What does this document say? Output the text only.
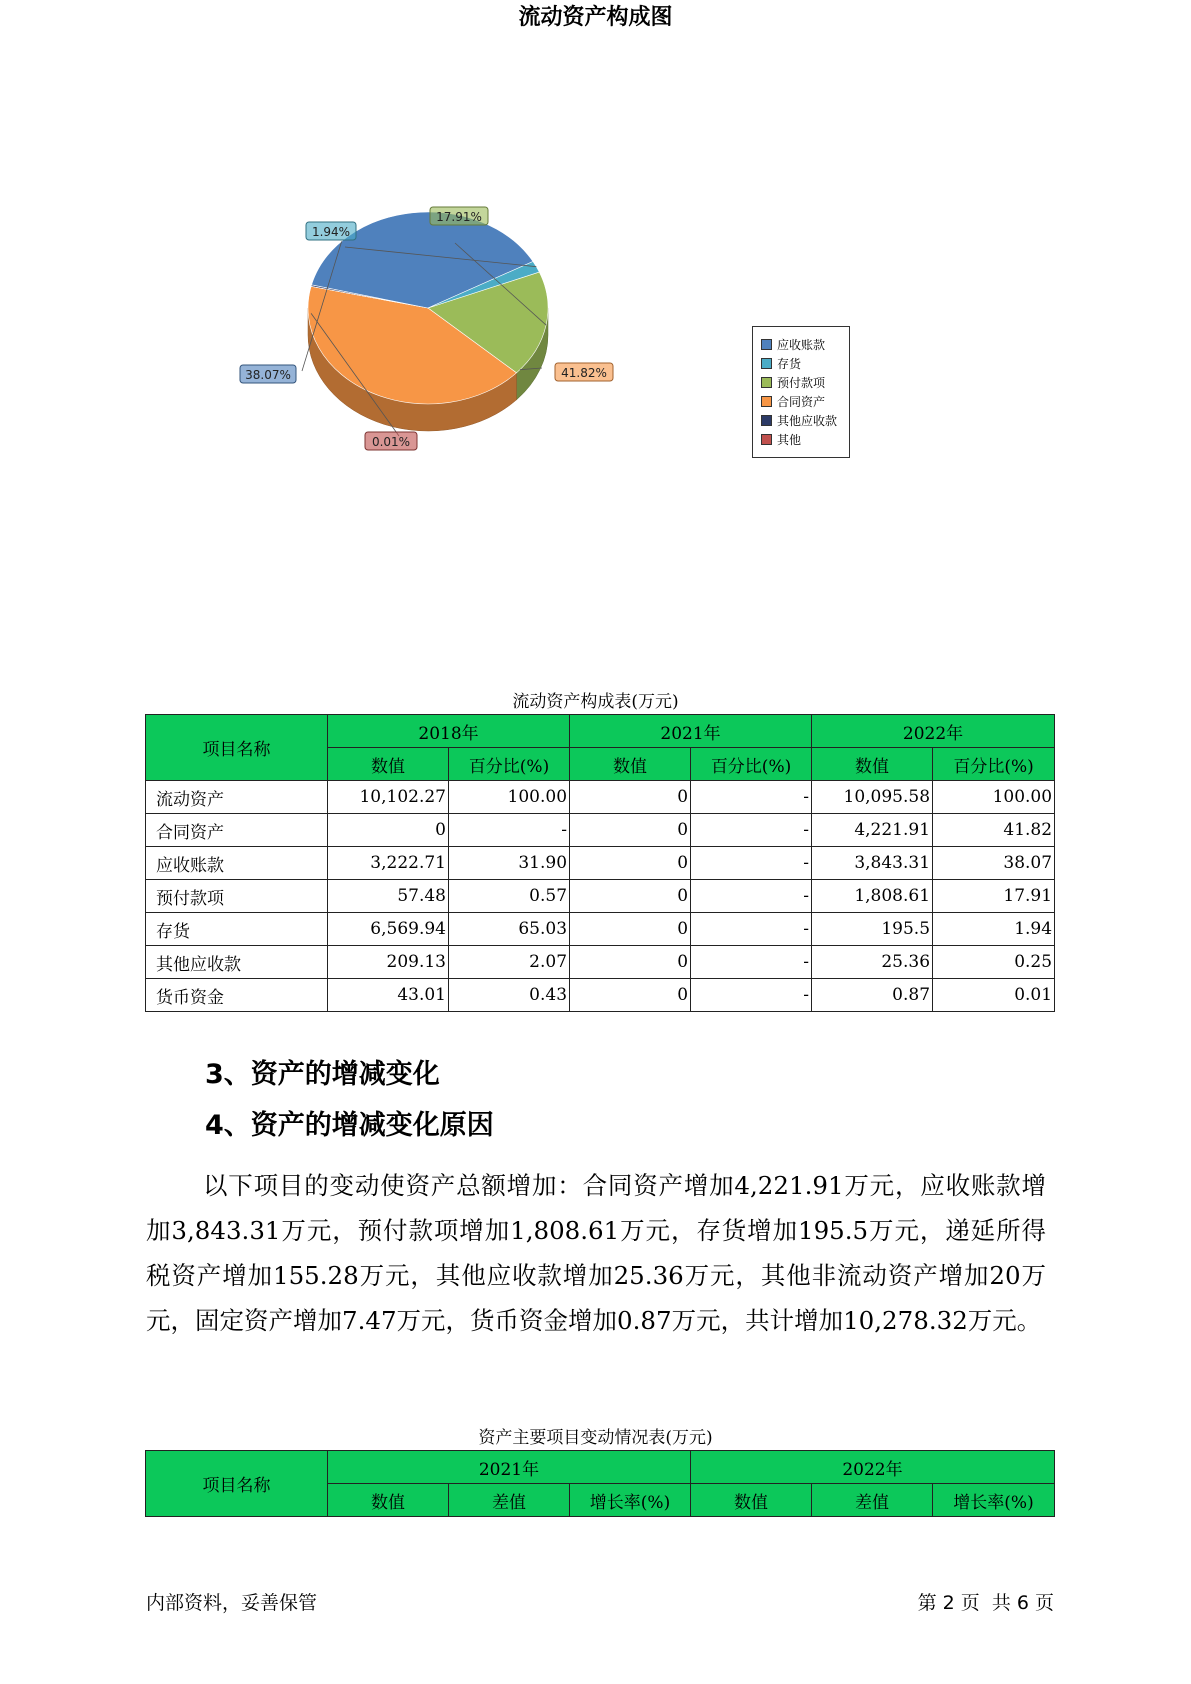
流动资产构成图
38.07%
1.94%
17.91%
41.82%
0.01%
应收账款
存货
预付款项
合同资产
其他应收款
其他
流动资产构成表(万元)
项目名称	2018年		2021年		2022年	
	数值	百分比(%)	数值	百分比(%)	数值	百分比(%)
流动资产	10,102.27	100.00	0	-	10,095.58	100.00
合同资产	0	-	0	-	4,221.91	41.82
应收账款	3,222.71	31.90	0	-	3,843.31	38.07
预付款项	57.48	0.57	0	-	1,808.61	17.91
存货	6,569.94	65.03	0	-	195.5	1.94
其他应收款	209.13	2.07	0	-	25.36	0.25
货币资金	43.01	0.43	0	-	0.87	0.01
3、资产的增减变化
4、资产的增减变化原因

以下项目的变动使资产总额增加：合同资产增加4,221.91万元，应收账款增加3,843.31万元，预付款项增加1,808.61万元，存货增加195.5万元，递延所得税资产增加155.28万元，其他应收款增加25.36万元，其他非流动资产增加20万元，固定资产增加7.47万元，货币资金增加0.87万元，共计增加10,278.32万元。

资产主要项目变动情况表(万元)
项目名称	2021年			2022年		
	数值	差值	增长率(%)	数值	差值	增长率(%)
内部资料，妥善保管	第 2 页  共 6 页
